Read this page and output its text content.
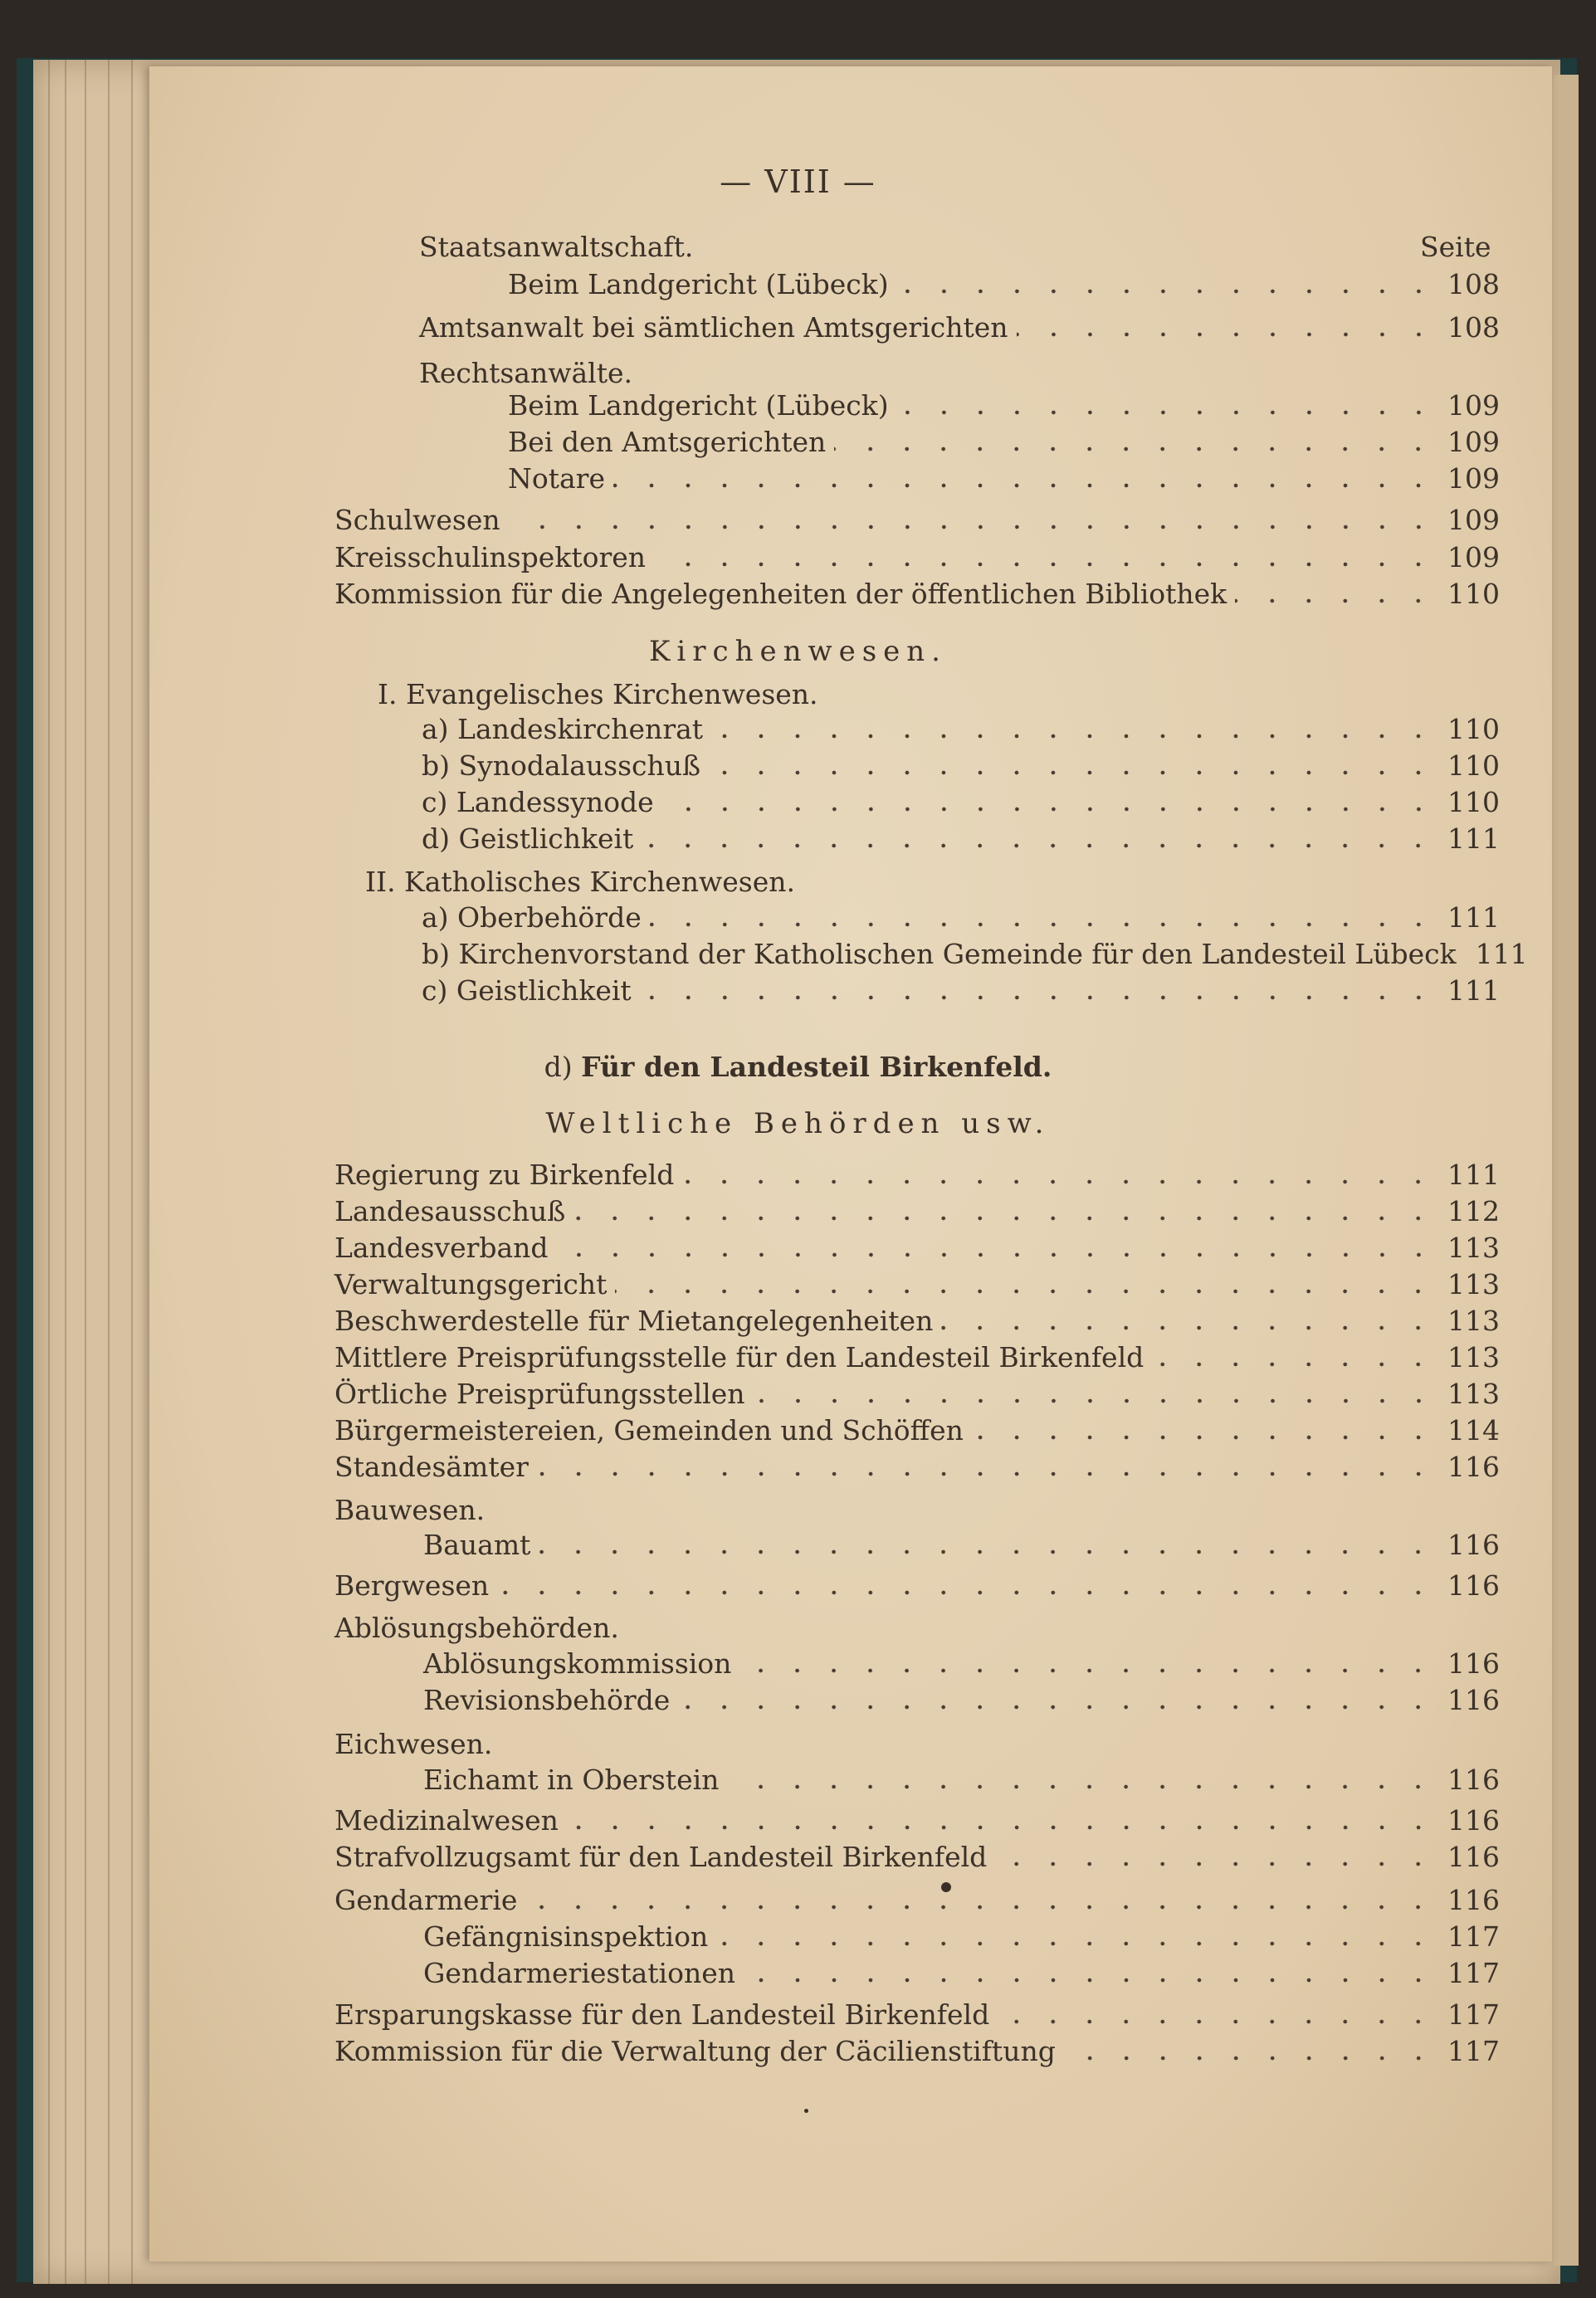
— VIII —
Seite
Staatsanwaltschaft.
Beim Landgericht (Lübeck)	108
Amtsanwalt bei sämtlichen Amtsgerichten	108
Rechtsanwälte.
Beim Landgericht (Lübeck)	109
Bei den Amtsgerichten	109
Notare	109
Schulwesen	109
Kreisschulinspektoren	109
Kommission für die Angelegenheiten der öffentlichen Bibliothek	110
Kirchenwesen.
I. Evangelisches Kirchenwesen.
a) Landeskirchenrat	110
b) Synodalausschuß	110
c) Landessynode	110
d) Geistlichkeit	111
II. Katholisches Kirchenwesen.
a) Oberbehörde	111
b) Kirchenvorstand der Katholischen Gemeinde für den Landesteil Lübeck 111
c) Geistlichkeit	111
d) Für den Landesteil Birkenfeld.
Weltliche Behörden usw.
Regierung zu Birkenfeld	111
Landesausschuß	112
Landesverband	113
Verwaltungsgericht	113
Beschwerdestelle für Mietangelegenheiten	113
Mittlere Preisprüfungsstelle für den Landesteil Birkenfeld	113
Örtliche Preisprüfungsstellen	113
Bürgermeistereien, Gemeinden und Schöffen	114
Standesämter	116
Bauwesen.
Bauamt	116
Bergwesen	116
Ablösungsbehörden.
Ablösungskommission	116
Revisionsbehörde	116
Eichwesen.
Eichamt in Oberstein	116
Medizinalwesen	116
Strafvollzugsamt für den Landesteil Birkenfeld	116
Gendarmerie	116
Gefängnisinspektion	117
Gendarmeriestationen	117
Ersparungskasse für den Landesteil Birkenfeld	117
Kommission für die Verwaltung der Cäcilienstiftung	117
